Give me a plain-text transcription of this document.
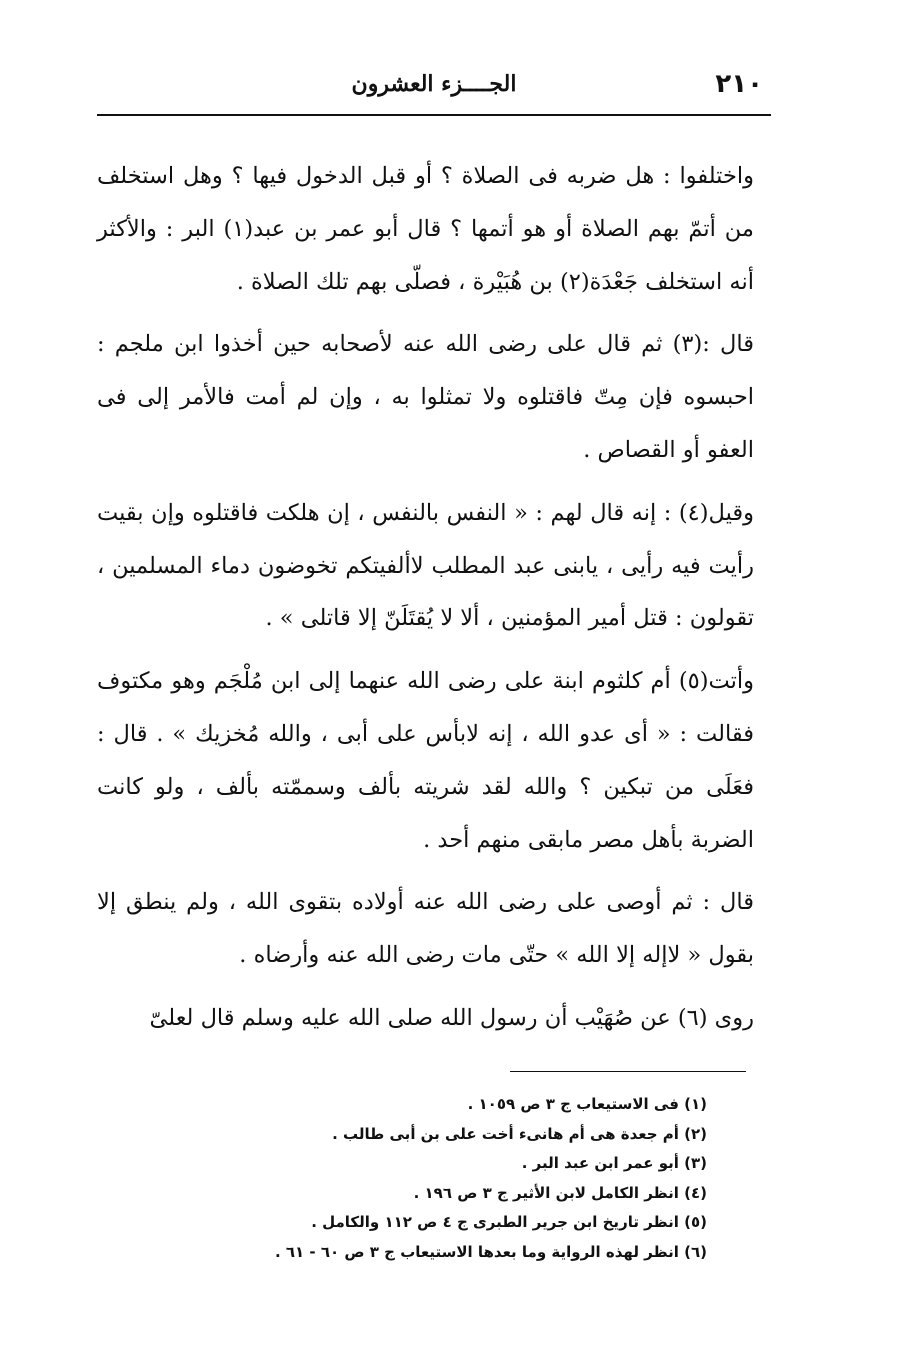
٢١٠
الجــــزء العشرون

واختلفوا : هل ضربه فى الصلاة ؟ أو قبل الدخول فيها ؟ وهل استخلف من أتمّ بهم الصلاة أو هو أتمها ؟ قال أبو عمر بن عبد(١) البر : والأكثر أنه استخلف جَعْدَة(٢) بن هُبَيْرة ، فصلّى بهم تلك الصلاة .

قال :(٣) ثم قال على رضى الله عنه لأصحابه حين أخذوا ابن ملجم : احبسوه فإن مِتّ فاقتلوه ولا تمثلوا به ، وإن لم أمت فالأمر إلى فى العفو أو القصاص .

وقيل(٤) : إنه قال لهم : « النفس بالنفس ، إن هلكت فاقتلوه وإن بقيت رأيت فيه رأيى ، يابنى عبد المطلب لاألفيتكم تخوضون دماء المسلمين ، تقولون : قتل أمير المؤمنين ، ألا لا يُقتَلَنّ إلا قاتلى » .

وأتت(٥) أم كلثوم ابنة على رضى الله عنهما إلى ابن مُلْجَم وهو مكتوف فقالت : « أى عدو الله ، إنه لابأس على أبى ، والله مُخزيك » . قال : فعَلَى من تبكين ؟ والله لقد شريته بألف وسممّته بألف ، ولو كانت الضربة بأهل مصر مابقى منهم أحد .

قال : ثم أوصى على رضى الله عنه أولاده بتقوى الله ، ولم ينطق إلا بقول « لاإله إلا الله » حتّى مات رضى الله عنه وأرضاه .

روى (٦) عن صُهَيْب أن رسول الله صلى الله عليه وسلم قال لعلىّ

(١) فى الاستيعاب ج ٣ ص ١٠٥٩ .
(٢) أم جعدة هى أم هانىء أخت على بن أبى طالب .
(٣) أبو عمر ابن عبد البر .
(٤) انظر الكامل لابن الأثير ج ٣ ص ١٩٦ .
(٥) انظر تاريخ ابن جرير الطبرى ج ٤ ص ١١٢ والكامل .
(٦) انظر لهذه الرواية وما بعدها الاستيعاب ج ٣ ص ٦٠ - ٦١ .
